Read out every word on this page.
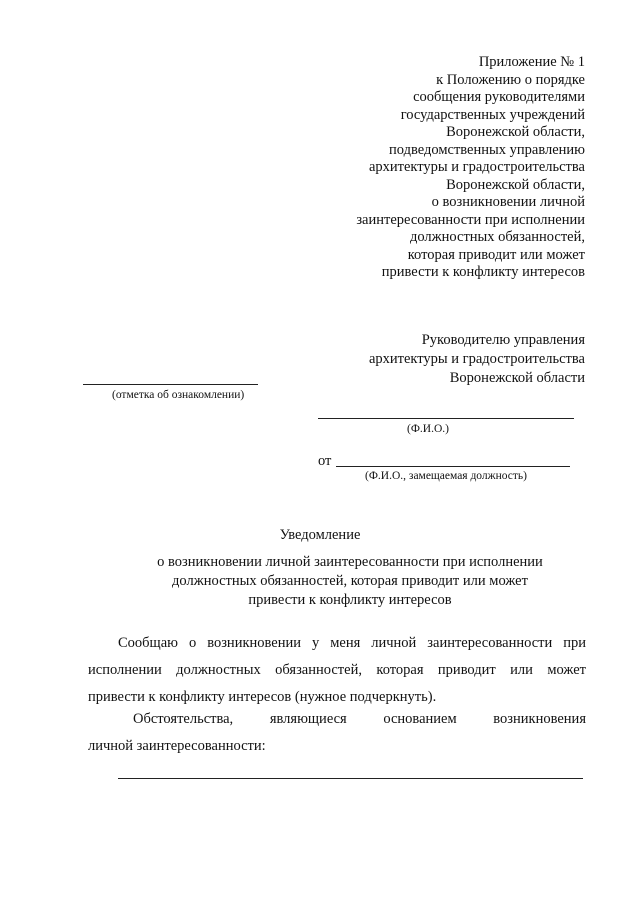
Приложение № 1
к Положению о порядке
сообщения руководителями
государственных учреждений
Воронежской области,
подведомственных управлению
архитектуры и градостроительства
Воронежской области,
о возникновении личной
заинтересованности при исполнении
должностных обязанностей,
которая приводит или может
привести к конфликту интересов
Руководителю управления
архитектуры и градостроительства
Воронежской области
(отметка об ознакомлении)
(Ф.И.О.)
от
(Ф.И.О., замещаемая должность)
Уведомление
о возникновении личной заинтересованности при исполнении
должностных обязанностей, которая приводит или может
привести к конфликту интересов
Сообщаю о возникновении у меня личной заинтересованности при
исполнении должностных обязанностей, которая приводит или может
привести к конфликту интересов (нужное подчеркнуть).
Обстоятельства, являющиеся основанием возникновения
личной заинтересованности:
